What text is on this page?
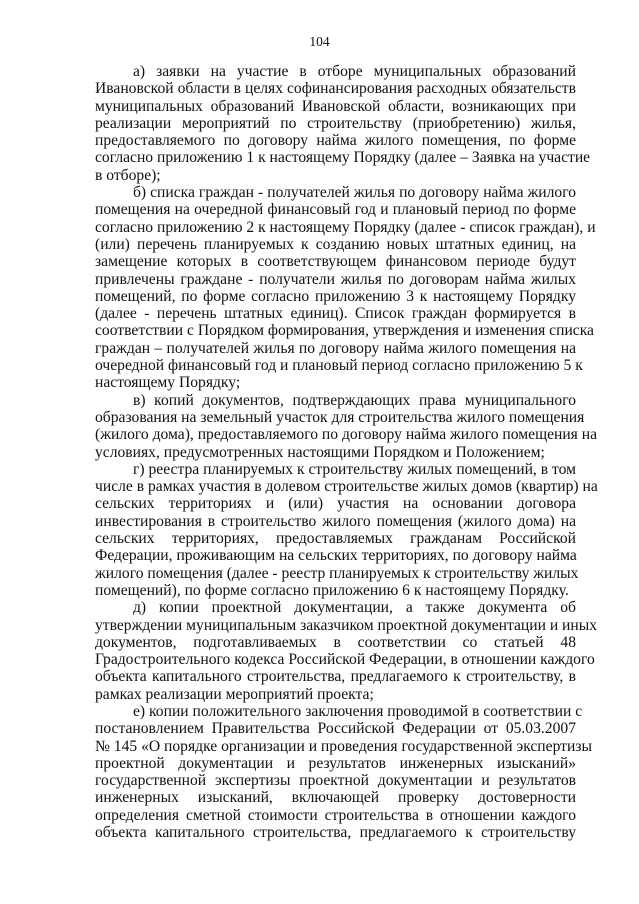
104
а) заявки на участие в отборе муниципальных образований
Ивановской области в целях софинансирования расходных обязательств
муниципальных образований Ивановской области, возникающих при
реализации мероприятий по строительству (приобретению) жилья,
предоставляемого по договору найма жилого помещения, по форме
согласно приложению 1 к настоящему Порядку (далее – Заявка на участие
в отборе);
б) списка граждан - получателей жилья по договору найма жилого
помещения на очередной финансовый год и плановый период по форме
согласно приложению 2 к настоящему Порядку (далее - список граждан), и
(или) перечень планируемых к созданию новых штатных единиц, на
замещение которых в соответствующем финансовом периоде будут
привлечены граждане - получатели жилья по договорам найма жилых
помещений, по форме согласно приложению 3 к настоящему Порядку
(далее - перечень штатных единиц). Список граждан формируется в
соответствии с Порядком формирования, утверждения и изменения списка
граждан – получателей жилья по договору найма жилого помещения на
очередной финансовый год и плановый период согласно приложению 5 к
настоящему Порядку;
в) копий документов, подтверждающих права муниципального
образования на земельный участок для строительства жилого помещения
(жилого дома), предоставляемого по договору найма жилого помещения на
условиях, предусмотренных настоящими Порядком и Положением;
г) реестра планируемых к строительству жилых помещений, в том
числе в рамках участия в долевом строительстве жилых домов (квартир) на
сельских территориях и (или) участия на основании договора
инвестирования в строительство жилого помещения (жилого дома) на
сельских территориях, предоставляемых гражданам Российской
Федерации, проживающим на сельских территориях, по договору найма
жилого помещения (далее - реестр планируемых к строительству жилых
помещений), по форме согласно приложению 6 к настоящему Порядку.
д) копии проектной документации, а также документа об
утверждении муниципальным заказчиком проектной документации и иных
документов, подготавливаемых в соответствии со статьей 48
Градостроительного кодекса Российской Федерации, в отношении каждого
объекта капитального строительства, предлагаемого к строительству, в
рамках реализации мероприятий проекта;
е) копии положительного заключения проводимой в соответствии с
постановлением Правительства Российской Федерации от 05.03.2007
№ 145 «О порядке организации и проведения государственной экспертизы
проектной документации и результатов инженерных изысканий»
государственной экспертизы проектной документации и результатов
инженерных изысканий, включающей проверку достоверности
определения сметной стоимости строительства в отношении каждого
объекта капитального строительства, предлагаемого к строительству
